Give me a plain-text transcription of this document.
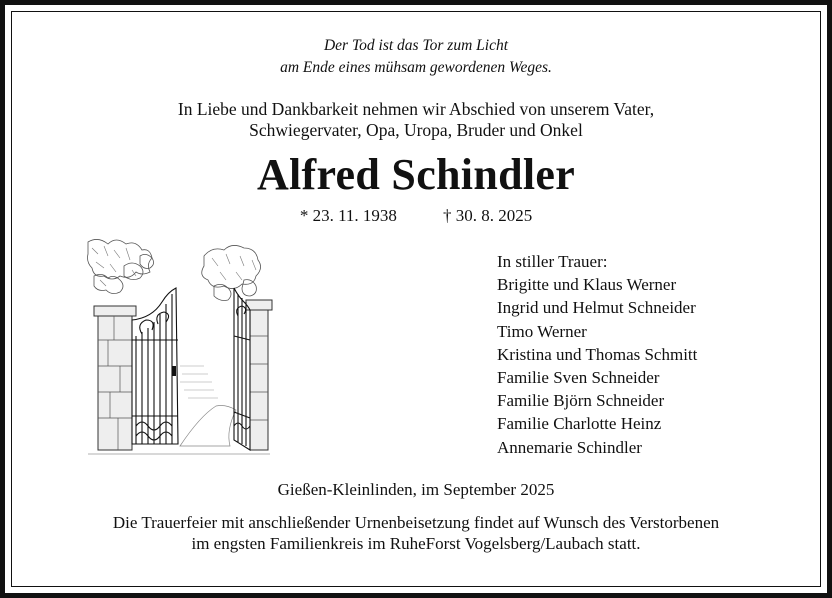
Der Tod ist das Tor zum Licht
am Ende eines mühsam gewordenen Weges.
In Liebe und Dankbarkeit nehmen wir Abschied von unserem Vater,
Schwiegervater, Opa, Uropa, Bruder und Onkel
Alfred Schindler
* 23. 11. 1938	† 30. 8. 2025
In stiller Trauer:
Brigitte und Klaus Werner
Ingrid und Helmut Schneider
Timo Werner
Kristina und Thomas Schmitt
Familie Sven Schneider
Familie Björn Schneider
Familie Charlotte Heinz
Annemarie Schindler
Gießen-Kleinlinden, im September 2025
Die Trauerfeier mit anschließender Urnenbeisetzung findet auf Wunsch des Verstorbenen
im engsten Familienkreis im RuheForst Vogelsberg/Laubach statt.
